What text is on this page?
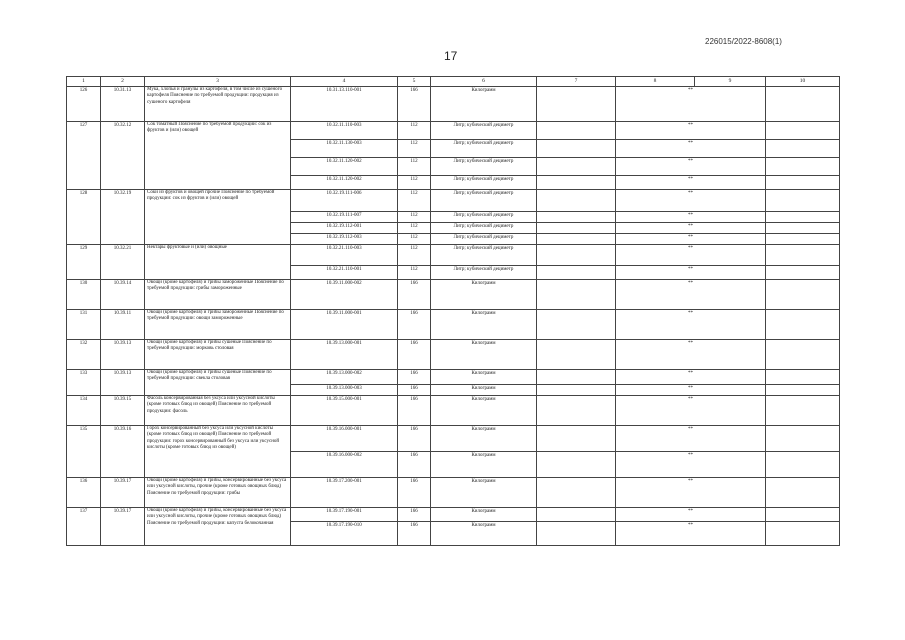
226015/2022-8608(1)
17
1	2	3	4	5	6	7	8	9	10
126	10.31.13	Мука, хлопья и гранулы из картофеля, в том числе из сушеного картофеля Пояснение по требуемой продукции: продукция из сушеного картофеля	10.31.13.110-001	166	Килограмм		**		
127	10.32.12	Сок томатный Пояснение по требуемой продукции: сок из фруктов и (или) овощей	10.32.11.110-003	112	Литр; кубический дециметр		**		
			10.32.11.130-003	112	Литр; кубический дециметр		**		
			10.32.11.120-002	112	Литр; кубический дециметр		**		
			10.32.11.120-002	112	Литр; кубический дециметр		**		
128	10.32.19	Соки из фруктов и овощей прочие Пояснение по требуемой продукции: сок из фруктов и (или) овощей	10.32.19.111-006	112	Литр; кубический дециметр		**		
			10.32.19.111-007	112	Литр; кубический дециметр		**		
			10.32.19.112-001	112	Литр; кубический дециметр		**		
			10.32.19.112-003	112	Литр; кубический дециметр		**		
129	10.32.21	Нектары фруктовые и (или) овощные	10.32.21.110-003	112	Литр; кубический дециметр		**		
			10.32.21.110-001	112	Литр; кубический дециметр		**		
130	10.39.14	Овощи (кроме картофеля) и грибы замороженные Пояснение по требуемой продукции: грибы замороженные	10.39.11.000-002	166	Килограмм		**		
131	10.39.11	Овощи (кроме картофеля) и грибы замороженные Пояснение по требуемой продукции: овощи замороженные	10.39.11.000-001	166	Килограмм		**		
132	10.39.13	Овощи (кроме картофеля) и грибы сушеные Пояснение по требуемой продукции: морковь столовая	10.39.13.000-001	166	Килограмм		**		
133	10.39.13	Овощи (кроме картофеля) и грибы сушеные Пояснение по требуемой продукции: свекла столовая	10.39.13.000-002	166	Килограмм		**		
			10.39.13.000-003	166	Килограмм		**		
134	10.39.15	Фасоль консервированная без уксуса или уксусной кислоты (кроме готовых блюд из овощей) Пояснение по требуемой продукции: фасоль	10.39.15.000-001	166	Килограмм		**		
135	10.39.16	Горох консервированный без уксуса или уксусной кислоты (кроме готовых блюд из овощей) Пояснение по требуемой продукции: горох консервированный без уксуса или уксусной кислоты (кроме готовых блюд из овощей)	10.39.16.000-001	166	Килограмм		**		
			10.39.16.000-002	166	Килограмм		**		
136	10.39.17	Овощи (кроме картофеля) и грибы, консервированные без уксуса или уксусной кислоты, прочие (кроме готовых овощных блюд) Пояснение по требуемой продукции: грибы	10.39.17.200-001	166	Килограмм		**		
137	10.39.17	Овощи (кроме картофеля) и грибы, консервированные без уксуса или уксусной кислоты, прочие (кроме готовых овощных блюд) Пояснение по требуемой продукции: капуста белокочанная	10.39.17.190-001	166	Килограмм		**		
			10.39.17.190-010	166	Килограмм		**		
